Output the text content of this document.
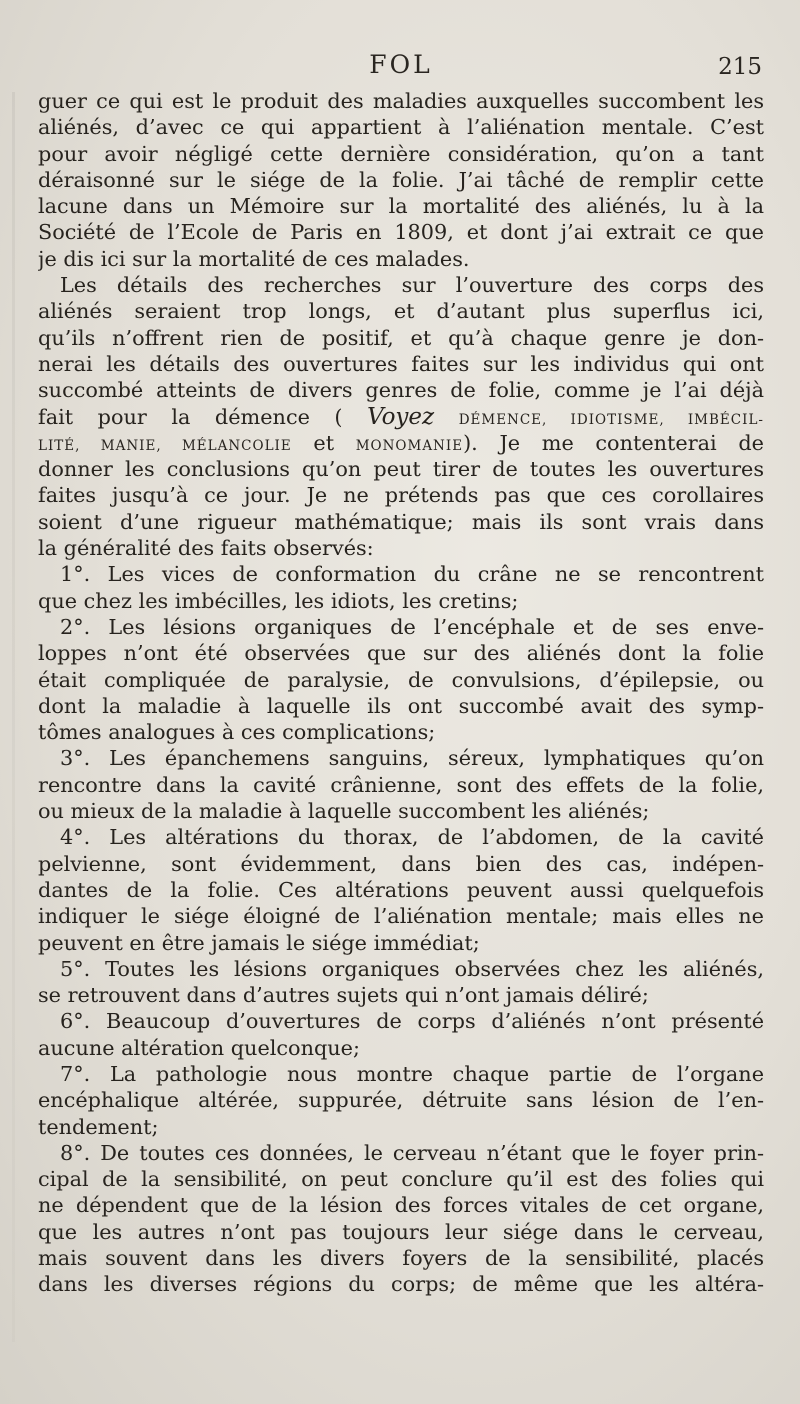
FOL	215
guer ce qui est le produit des maladies auxquelles succombent les
aliénés, d’avec ce qui appartient à l’aliénation mentale. C’est
pour avoir négligé cette dernière considération, qu’on a tant
déraisonné sur le siége de la folie. J’ai tâché de remplir cette
lacune dans un Mémoire sur la mortalité des aliénés, lu à la
Société de l’Ecole de Paris en 1809, et dont j’ai extrait ce que
je dis ici sur la mortalité de ces malades.
Les détails des recherches sur l’ouverture des corps des
aliénés seraient trop longs, et d’autant plus superflus ici,
qu’ils n’offrent rien de positif, et qu’à chaque genre je don-
nerai les détails des ouvertures faites sur les individus qui ont
succombé atteints de divers genres de folie, comme je l’ai déjà
fait pour la démence ( Voyez DÉMENCE, IDIOTISME, IMBÉCIL-
LITÉ, MANIE, MÉLANCOLIE et MONOMANIE). Je me contenterai de
donner les conclusions qu’on peut tirer de toutes les ouvertures
faites jusqu’à ce jour. Je ne prétends pas que ces corollaires
soient d’une rigueur mathématique; mais ils sont vrais dans
la généralité des faits observés:
1°. Les vices de conformation du crâne ne se rencontrent
que chez les imbécilles, les idiots, les cretins;
2°. Les lésions organiques de l’encéphale et de ses enve-
loppes n’ont été observées que sur des aliénés dont la folie
était compliquée de paralysie, de convulsions, d’épilepsie, ou
dont la maladie à laquelle ils ont succombé avait des symp-
tômes analogues à ces complications;
3°. Les épanchemens sanguins, séreux, lymphatiques qu’on
rencontre dans la cavité crânienne, sont des effets de la folie,
ou mieux de la maladie à laquelle succombent les aliénés;
4°. Les altérations du thorax, de l’abdomen, de la cavité
pelvienne, sont évidemment, dans bien des cas, indépen-
dantes de la folie. Ces altérations peuvent aussi quelquefois
indiquer le siége éloigné de l’aliénation mentale; mais elles ne
peuvent en être jamais le siége immédiat;
5°. Toutes les lésions organiques observées chez les aliénés,
se retrouvent dans d’autres sujets qui n’ont jamais déliré;
6°. Beaucoup d’ouvertures de corps d’aliénés n’ont présenté
aucune altération quelconque;
7°. La pathologie nous montre chaque partie de l’organe
encéphalique altérée, suppurée, détruite sans lésion de l’en-
tendement;
8°. De toutes ces données, le cerveau n’étant que le foyer prin-
cipal de la sensibilité, on peut conclure qu’il est des folies qui
ne dépendent que de la lésion des forces vitales de cet organe,
que les autres n’ont pas toujours leur siége dans le cerveau,
mais souvent dans les divers foyers de la sensibilité, placés
dans les diverses régions du corps; de même que les altéra-
